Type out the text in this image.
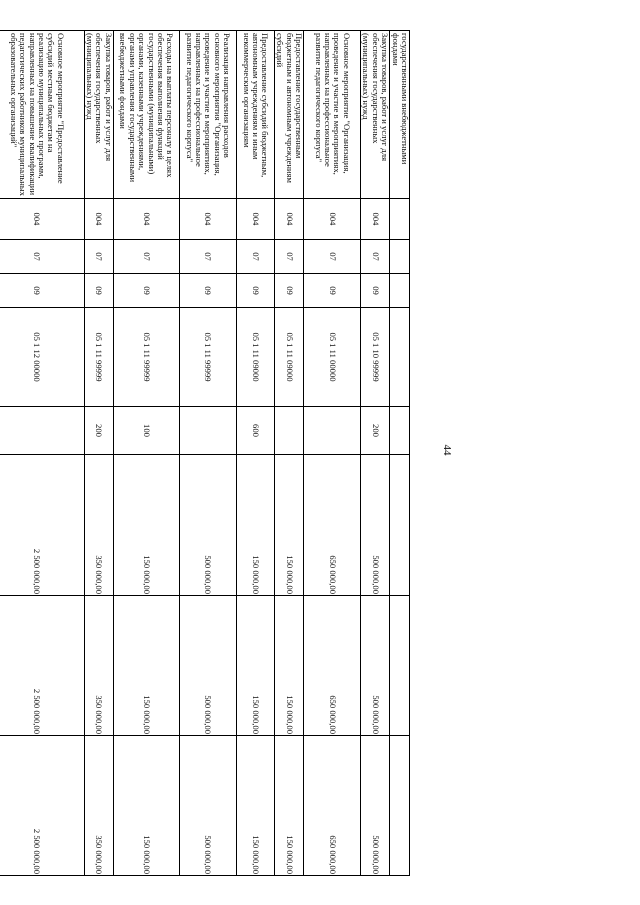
44
государственными внебюджетными фондами								
Закупка товаров, работ и услуг для обеспечения государственных (муниципальных) нужд	004	07	09	05 1 10 99999	200	500 000,00	500 000,00	500 000,00
Основное мероприятие "Организация, проведение и участие в мероприятиях, направленных на профессиональное развитие педагогического корпуса"	004	07	09	05 1 11 00000		650 000,00	650 000,00	650 000,00
Предоставление государственным бюджетным и автономным учреждениям субсидий	004	07	09	05 1 11 09000		150 000,00	150 000,00	150 000,00
Предоставление субсидий бюджетным, автономным учреждениям и иным некоммерческим организациям	004	07	09	05 1 11 09000	600	150 000,00	150 000,00	150 000,00
Реализация направления расходов основного мероприятия "Организация, проведение и участие в мероприятиях, направленных на профессиональное развитие педагогического корпуса"	004	07	09	05 1 11 99999		500 000,00	500 000,00	500 000,00
Расходы на выплаты персоналу в целях обеспечения выполнения функций государственными (муниципальными) органами, казенными учреждениями, органами управления государственными внебюджетными фондами	004	07	09	05 1 11 99999	100	150 000,00	150 000,00	150 000,00
Закупка товаров, работ и услуг для обеспечения государственных (муниципальных) нужд	004	07	09	05 1 11 99999	200	350 000,00	350 000,00	350 000,00
Основное мероприятие "Предоставление субсидий местным бюджетам на реализацию муниципальных программ, направленных на повышение квалификации педагогических работников муниципальных образовательных организаций"	004	07	09	05 1 12 00000		2 500 000,00	2 500 000,00	2 500 000,00
